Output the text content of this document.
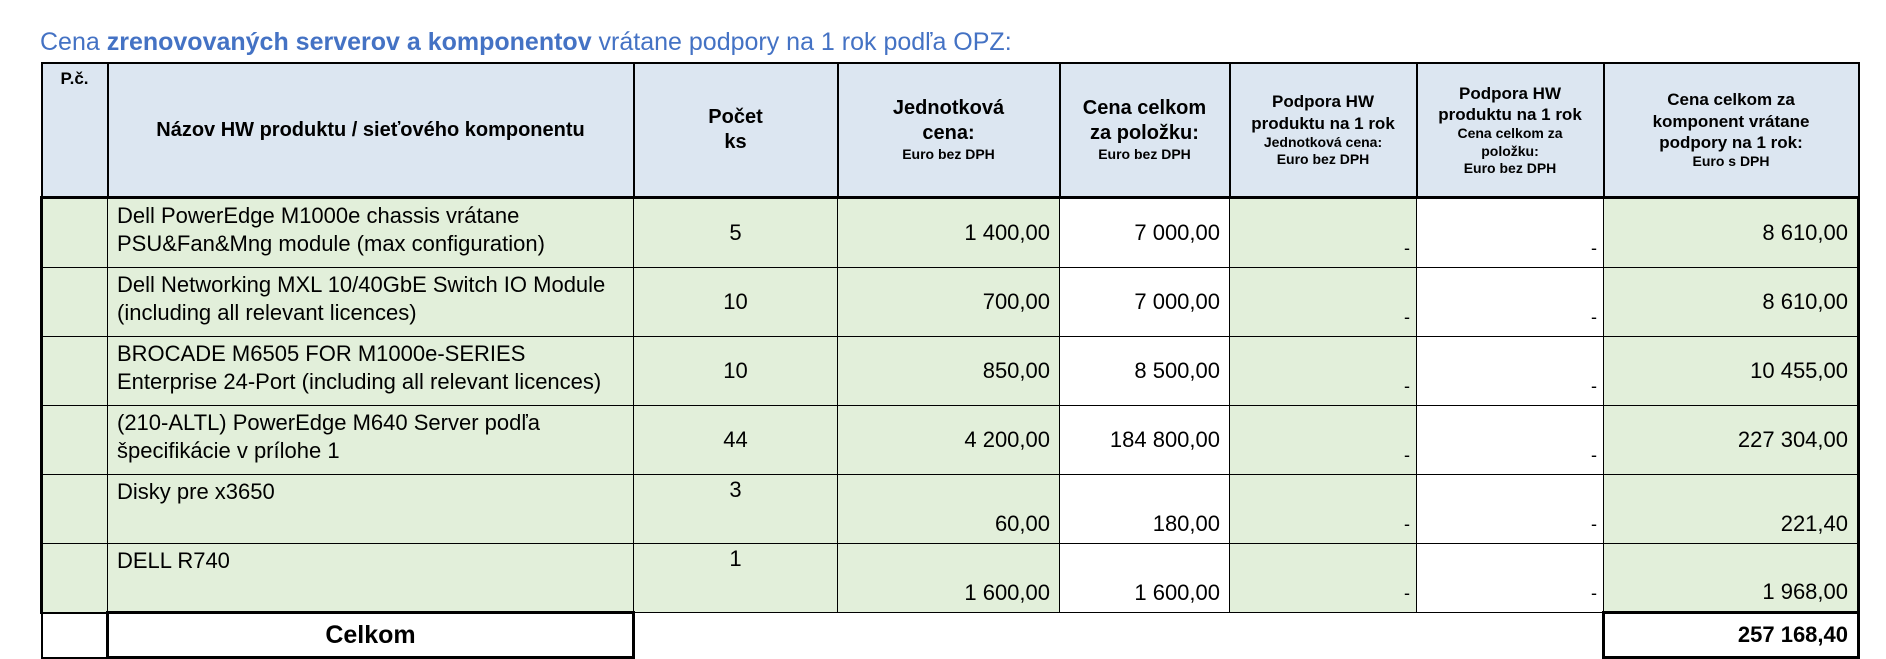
Cena zrenovovaných serverov a komponentov vrátane podpory na 1 rok podľa OPZ:
P.č.	Názov HW produktu / sieťového komponentu	Počet
ks	Jednotková
cena:
Euro bez DPH	Cena celkom
za položku:
Euro bez DPH	Podpora HW
produktu na 1 rok
Jednotková cena:
Euro bez DPH	Podpora HW
produktu na 1 rok
Cena celkom za
položku:
Euro bez DPH	Cena celkom za
komponent vrátane
podpory na 1 rok:
Euro s DPH

	Dell PowerEdge M1000e chassis vrátane PSU&Fan&Mng module (max configuration)	5	1 400,00	7 000,00	-	-	8 610,00
	Dell Networking MXL 10/40GbE Switch IO Module (including all relevant licences)	10	700,00	7 000,00	-	-	8 610,00
	BROCADE M6505 FOR M1000e-SERIES Enterprise 24-Port (including all relevant licences)	10	850,00	8 500,00	-	-	10 455,00
	(210-ALTL) PowerEdge M640 Server podľa špecifikácie v prílohe 1	44	4 200,00	184 800,00	-	-	227 304,00
	Disky pre x3650	3	60,00	180,00	-	-	221,40
	DELL R740	1	1 600,00	1 600,00	-	-	1 968,00
	Celkom						257 168,40
